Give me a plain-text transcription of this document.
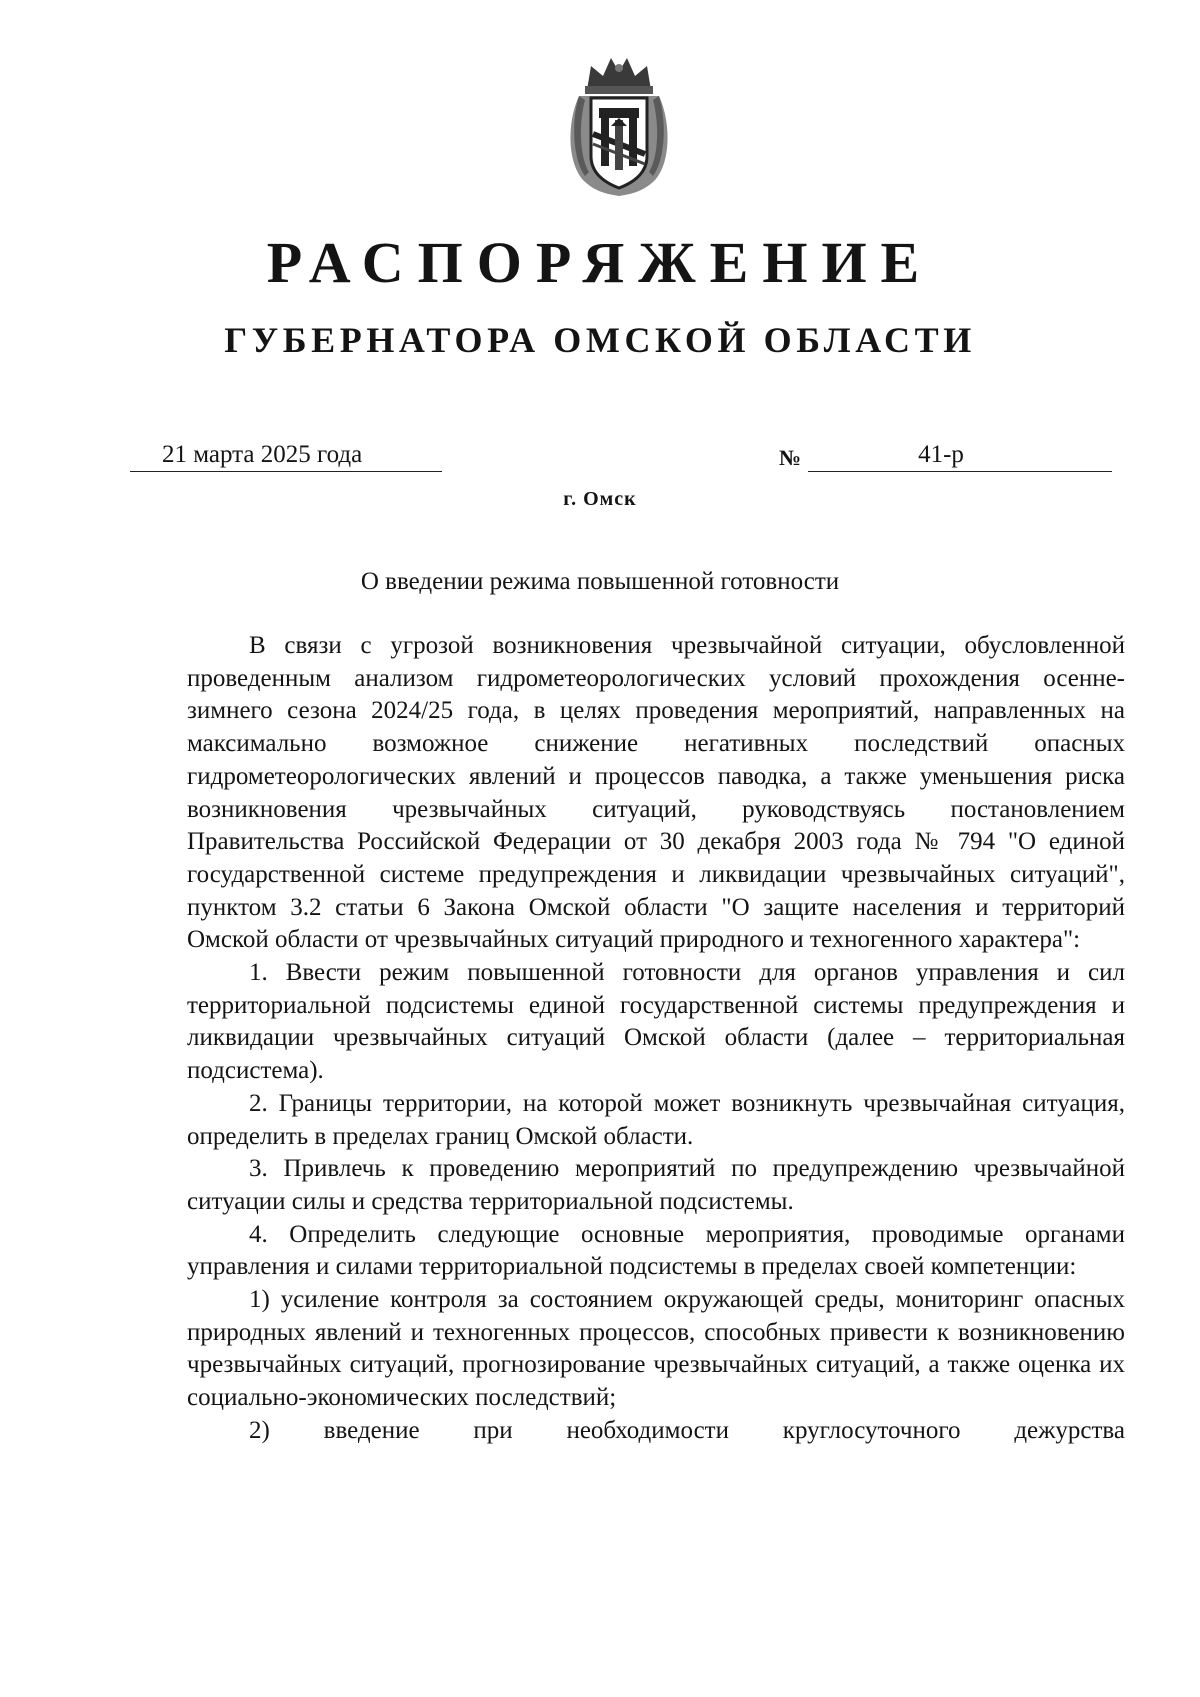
РАСПОРЯЖЕНИЕ
ГУБЕРНАТОРА ОМСКОЙ ОБЛАСТИ
21 марта 2025 года	№	41-р
г. Омск
О введении режима повышенной готовности

В связи с угрозой возникновения чрезвычайной ситуации, обусловленной проведенным анализом гидрометеорологических условий прохождения осенне-зимнего сезона 2024/25 года, в целях проведения мероприятий, направленных на максимально возможное снижение негативных последствий опасных гидрометеорологических явлений и процессов паводка, а также уменьшения риска возникновения чрезвычайных ситуаций, руководствуясь постановлением Правительства Российской Федерации от 30 декабря 2003 года № 794 "О единой государственной системе предупреждения и ликвидации чрезвычайных ситуаций", пунктом 3.2 статьи 6 Закона Омской области "О защите населения и территорий Омской области от чрезвычайных ситуаций природного и техногенного характера":

1. Ввести режим повышенной готовности для органов управления и сил территориальной подсистемы единой государственной системы предупреждения и ликвидации чрезвычайных ситуаций Омской области (далее – территориальная подсистема).

2. Границы территории, на которой может возникнуть чрезвычайная ситуация, определить в пределах границ Омской области.

3. Привлечь к проведению мероприятий по предупреждению чрезвычайной ситуации силы и средства территориальной подсистемы.

4. Определить следующие основные мероприятия, проводимые органами управления и силами территориальной подсистемы в пределах своей компетенции:

1) усиление контроля за состоянием окружающей среды, мониторинг опасных природных явлений и техногенных процессов, способных привести к возникновению чрезвычайных ситуаций, прогнозирование чрезвычайных ситуаций, а также оценка их социально-экономических последствий;

2) введение при необходимости круглосуточного дежурства
